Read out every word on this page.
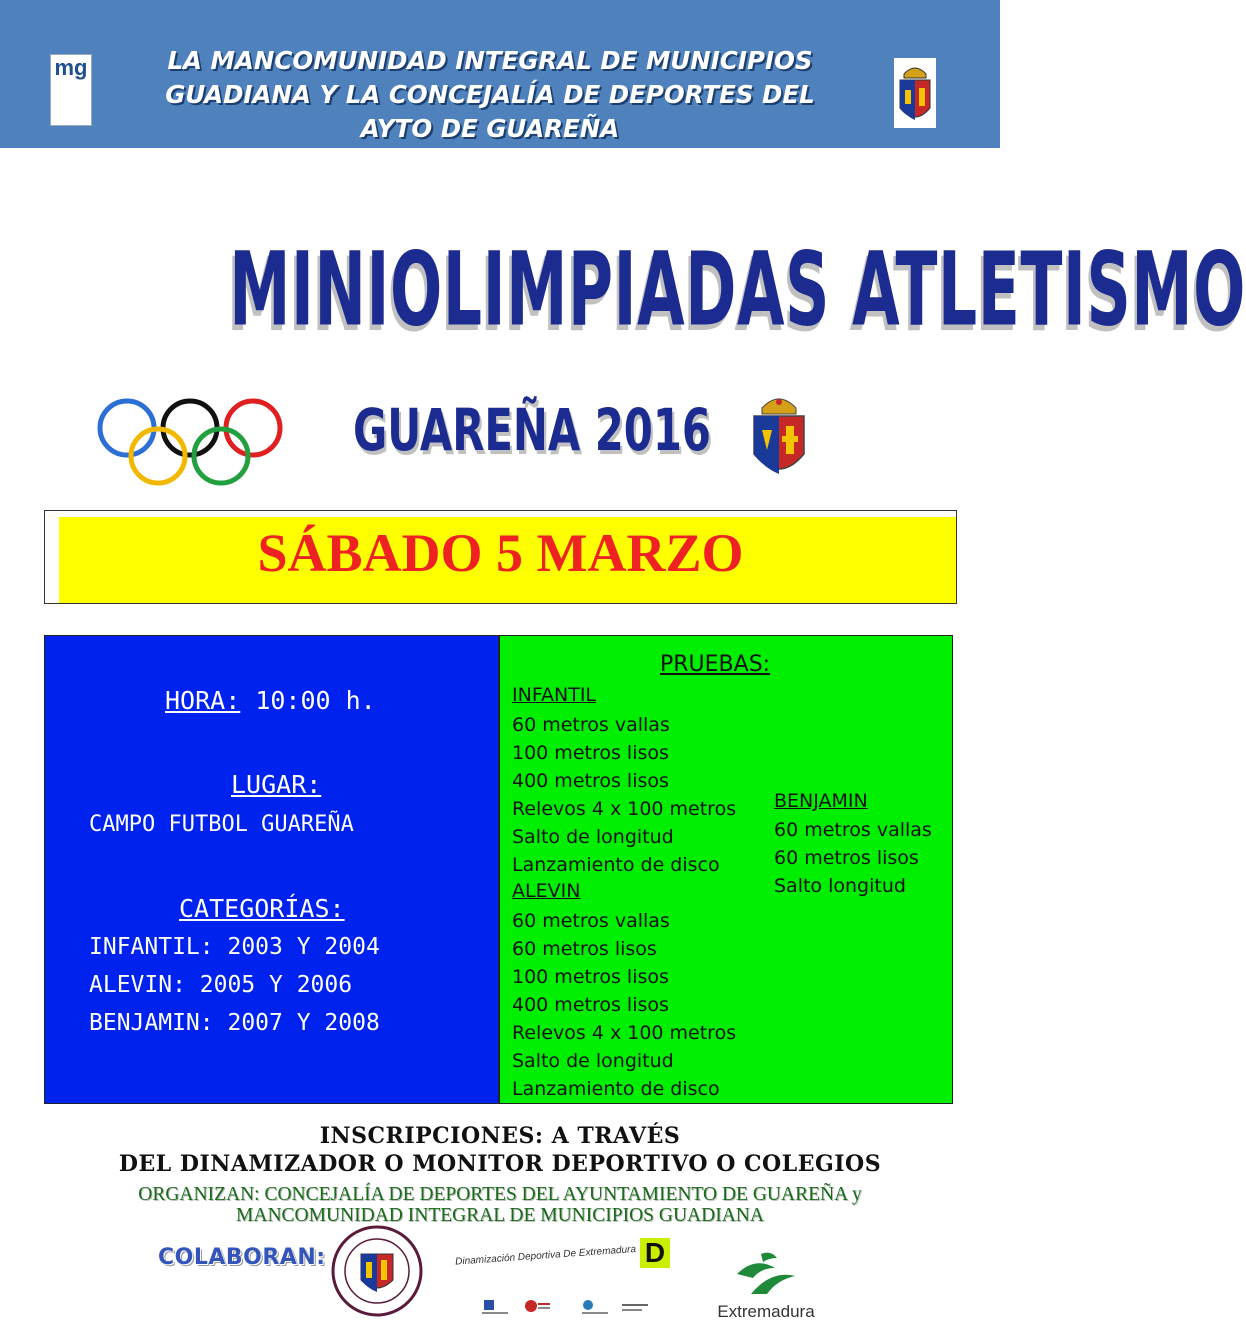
mg	LA MANCOMUNIDAD INTEGRAL DE MUNICIPIOS
GUADIANA Y LA CONCEJALÍA DE DEPORTES DEL
AYTO DE GUAREÑA
MINIOLIMPIADAS ATLETISMO
GUAREÑA 2016
SÁBADO 5 MARZO
HORA: 10:00 h.
LUGAR:
CAMPO FUTBOL GUAREÑA
CATEGORÍAS:
INFANTIL: 2003 Y 2004
ALEVIN: 2005 Y 2006
BENJAMIN: 2007 Y 2008
PRUEBAS:
INFANTIL
60 metros vallas
100 metros lisos
400 metros lisos
Relevos 4 x 100 metros
Salto de longitud
Lanzamiento de disco
ALEVIN
60 metros vallas
60 metros lisos
100 metros lisos
400 metros lisos
Relevos 4 x 100 metros
Salto de longitud
Lanzamiento de disco
BENJAMIN
60 metros vallas
60 metros lisos
Salto longitud
INSCRIPCIONES: A TRAVÉS
DEL DINAMIZADOR O MONITOR DEPORTIVO O COLEGIOS
ORGANIZAN: CONCEJALÍA DE DEPORTES DEL AYUNTAMIENTO DE GUAREÑA y
MANCOMUNIDAD INTEGRAL DE MUNICIPIOS GUADIANA
COLABORAN:	Dinamización Deportiva De Extremadura D
Extremadura
